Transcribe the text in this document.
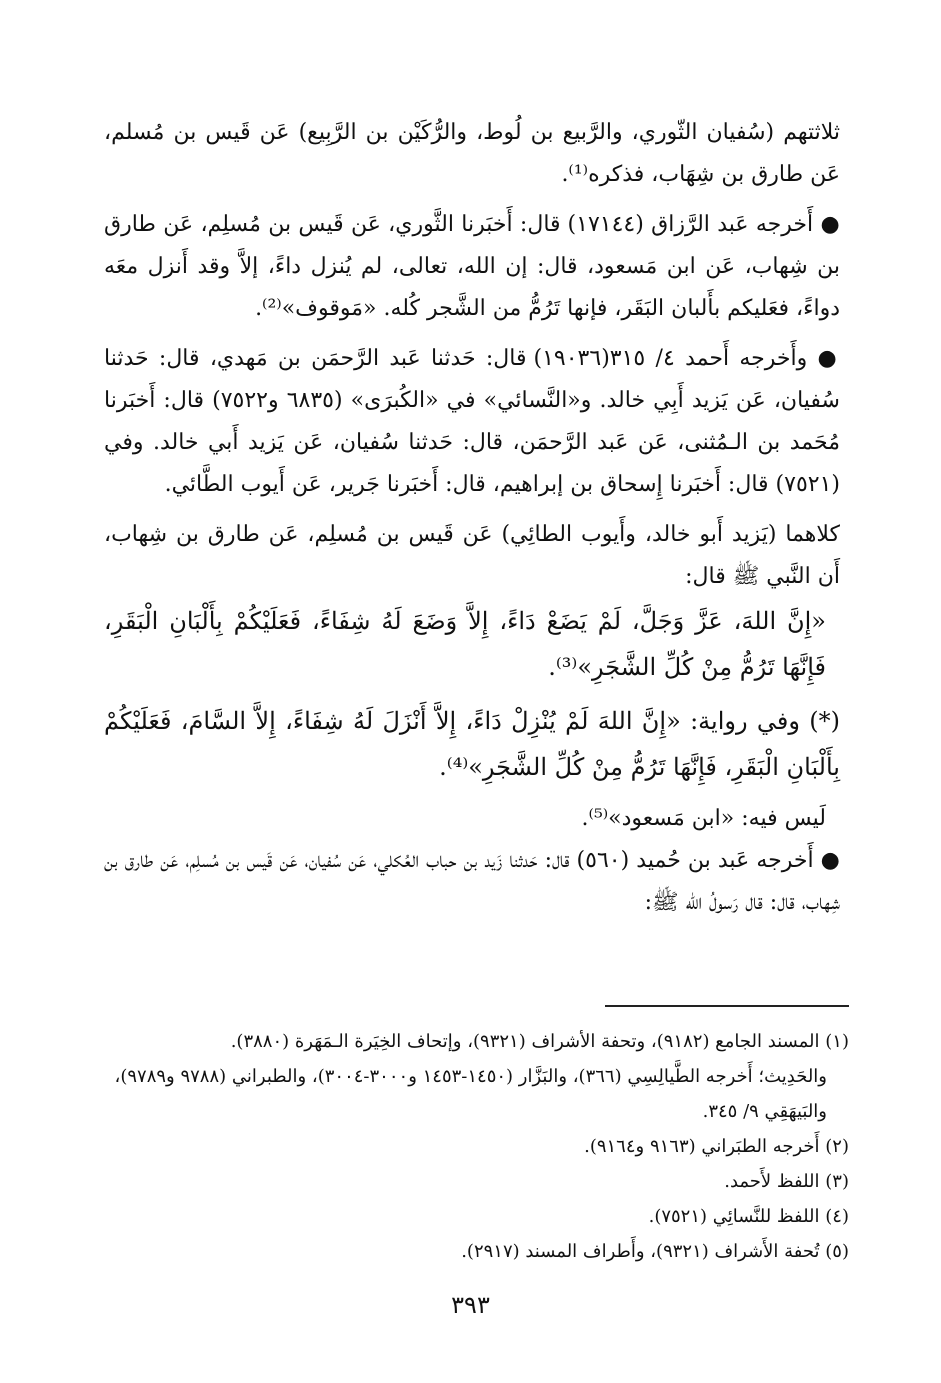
ثلاثتهم (سُفيان الثّوري، والرَّبيع بن لُوط، والرُّكَيْن بن الرَّبِيع) عَن قَيس بن مُسلم، عَن طارق بن شِهَاب، فذكره⁽¹⁾.

● أَخرجه عَبد الرَّزاق (١٧١٤٤) قال: أَخبَرنا الثَّوري، عَن قَيس بن مُسلِم، عَن طارق بن شِهاب، عَن ابن مَسعود، قال: إن الله، تعالى، لم يُنزل داءً، إلاَّ وقد أَنزل معَه دواءً، فعَليكم بأَلبان البَقَر، فإنها تَرُمُّ من الشَّجر كُله. «مَوقوف»⁽²⁾.

● وأَخرجه أَحمد ٤/ ٣١٥(١٩٠٣٦) قال: حَدثنا عَبد الرَّحمَن بن مَهدي، قال: حَدثنا سُفيان، عَن يَزيد أَبِي خالد. و«النَّسائي» في «الكُبرَى» (٦٨٣٥ و٧٥٢٢) قال: أَخبَرنا مُحَمد بن الـمُثنى، عَن عَبد الرَّحمَن، قال: حَدثنا سُفيان، عَن يَزيد أَبي خالد. وفي (٧٥٢١) قال: أَخبَرنا إِسحاق بن إبراهيم، قال: أَخبَرنا جَرير، عَن أَيوب الطَّائي.

كلاهما (يَزيد أَبو خالد، وأَيوب الطائِي) عَن قَيس بن مُسلِم، عَن طارق بن شِهاب، أَن النَّبي ﷺ قال:

«إِنَّ اللهَ، عَزَّ وَجَلَّ، لَمْ يَضَعْ دَاءً، إِلاَّ وَضَعَ لَهُ شِفَاءً، فَعَلَيْكُمْ بِأَلْبَانِ الْبَقَرِ، فَإِنَّهَا تَرُمُّ مِنْ كُلِّ الشَّجَرِ»⁽³⁾.

(*) وفي رواية: «إِنَّ اللهَ لَمْ يُنْزِلْ دَاءً، إِلاَّ أَنْزَلَ لَهُ شِفَاءً، إِلاَّ السَّامَ، فَعَلَيْكُمْ بِأَلْبَانِ الْبَقَرِ، فَإِنَّهَا تَرُمُّ مِنْ كُلِّ الشَّجَرِ»⁽⁴⁾.

لَيس فيه: «ابن مَسعود»⁽⁵⁾.

● أَخرجه عَبد بن حُميد (٥٦٠) قال: حَدثنا زَيد بن حباب العُكلي، عَن سُفيان، عَن قَيس بن مُسلِم، عَن طارق بن شِهاب، قال: قال رَسولُ الله ﷺ:

(١) المسند الجامع (٩١٨٢)، وتحفة الأشراف (٩٣٢١)، وإتحاف الخِيَرة الـمَهَرة (٣٨٨٠).

والحَدِيث؛ أَخرجه الطَّيالِسِي (٣٦٦)، والبَزَّار (١٤٥٠-١٤٥٣ و٣٠٠٠-٣٠٠٤)، والطبراني (٩٧٨٨ و٩٧٨٩)، والبَيهَقِي ٩/ ٣٤٥.

(٢) أَخرجه الطبَراني (٩١٦٣ و٩١٦٤).

(٣) اللفظ لأَحمد.

(٤) اللفظ للنَّسائِي (٧٥٢١).

(٥) تُحفة الأَشراف (٩٣٢١)، وأَطراف المسند (٢٩١٧).

٣٩٣
